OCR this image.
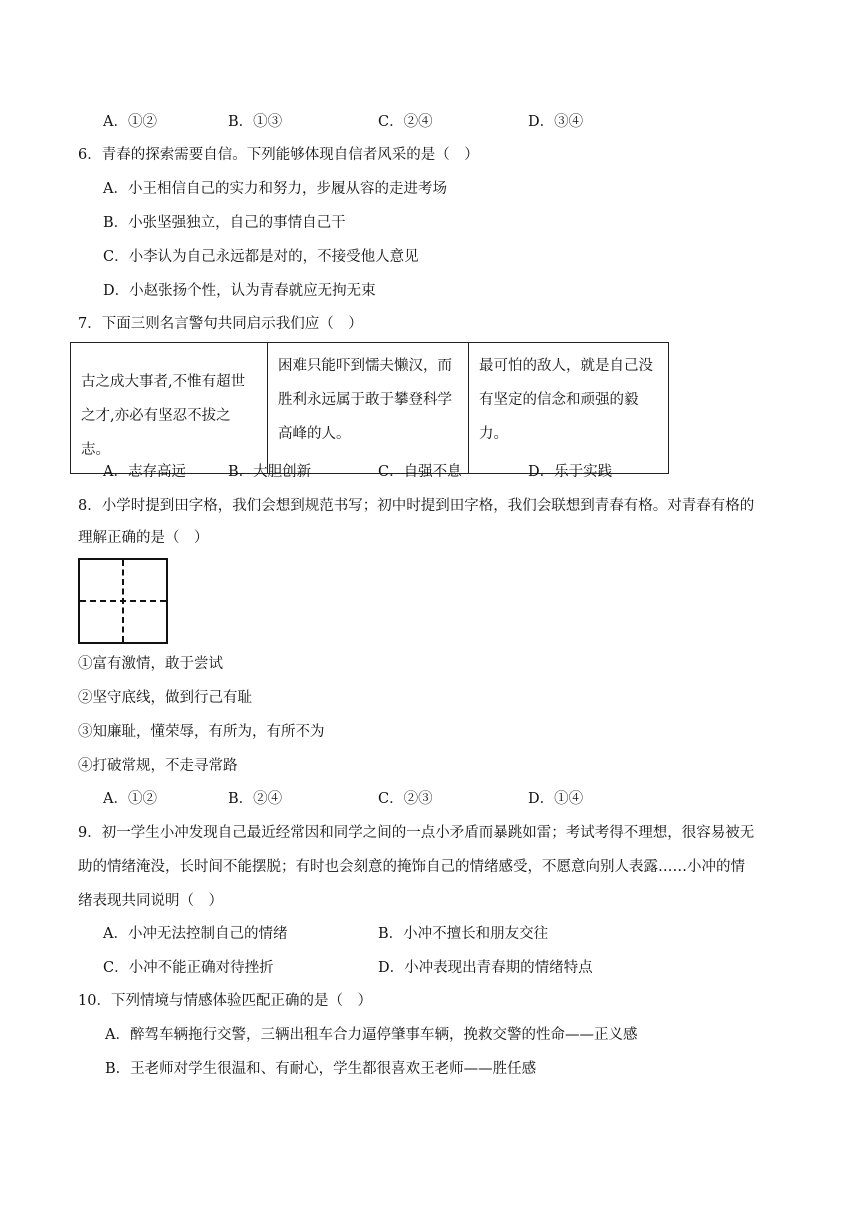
A．①②	B．①③	C．②④	D．③④
6．青春的探索需要自信。下列能够体现自信者风采的是（　）
A．小王相信自己的实力和努力，步履从容的走进考场
B．小张坚强独立，自己的事情自己干
C．小李认为自己永远都是对的，不接受他人意见
D．小赵张扬个性，认为青春就应无拘无束
7．下面三则名言警句共同启示我们应（　）
古之成大事者,不惟有超世之才,亦必有坚忍不拔之志。

困难只能吓到懦夫懒汉，而胜利永远属于敢于攀登科学高峰的人。

最可怕的敌人，就是自己没有坚定的信念和顽强的毅力。
A．志存高远	B．大胆创新	C．自强不息	D．乐于实践
8．小学时提到田字格，我们会想到规范书写；初中时提到田字格，我们会联想到青春有格。对青春有格的
理解正确的是（　）
①富有激情，敢于尝试
②坚守底线，做到行己有耻
③知廉耻，懂荣辱，有所为，有所不为
④打破常规，不走寻常路
A．①②	B．②④	C．②③	D．①④
9．初一学生小冲发现自己最近经常因和同学之间的一点小矛盾而暴跳如雷；考试考得不理想，很容易被无
助的情绪淹没，长时间不能摆脱；有时也会刻意的掩饰自己的情绪感受，不愿意向别人表露……小冲的情
绪表现共同说明（　）
A．小冲无法控制自己的情绪	B．小冲不擅长和朋友交往
C．小冲不能正确对待挫折	D．小冲表现出青春期的情绪特点
10．下列情境与情感体验匹配正确的是（　）
A．醉驾车辆拖行交警，三辆出租车合力逼停肇事车辆，挽救交警的性命——正义感
B．王老师对学生很温和、有耐心，学生都很喜欢王老师——胜任感
